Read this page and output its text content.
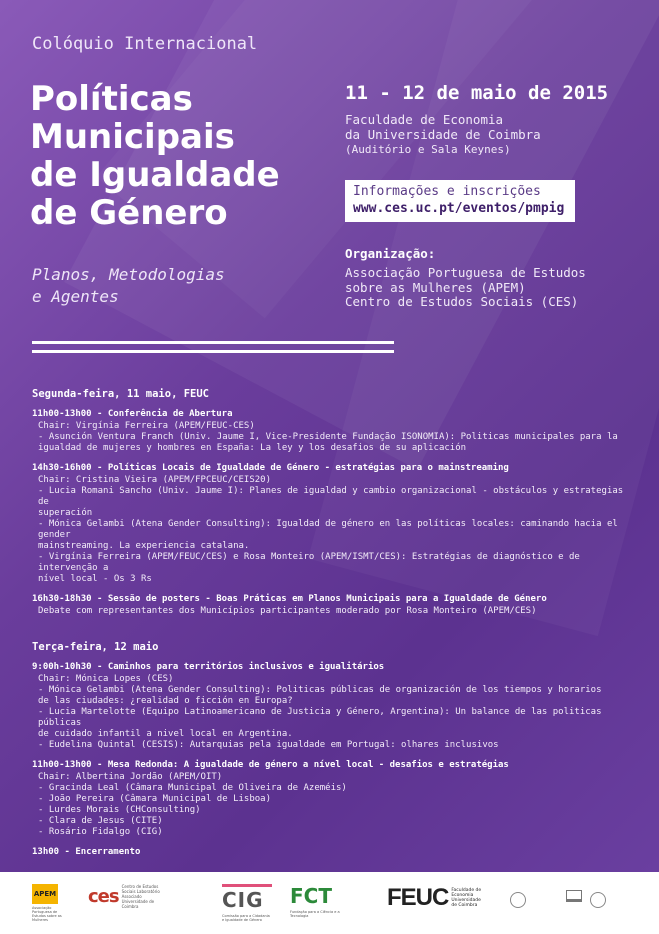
Colóquio Internacional
Políticas
Municipais
de Igualdade
de Género
Planos, Metodologias
e Agentes
11 - 12 de maio de 2015
Faculdade de Economia
da Universidade de Coimbra
(Auditório e Sala Keynes)
Informações e inscrições
www.ces.uc.pt/eventos/pmpig
Organização:
Associação Portuguesa de Estudos
sobre as Mulheres (APEM)
Centro de Estudos Sociais (CES)
Segunda-feira, 11 maio, FEUC
11h00-13h00 - Conferência de Abertura
Chair: Virgínia Ferreira (APEM/FEUC-CES)
- Asunción Ventura Franch (Univ. Jaume I, Vice-Presidente Fundação ISONOMIA): Politicas municipales para la
igualdad de mujeres y hombres en España: La ley y los desafios de su aplicación
14h30-16h00 - Políticas Locais de Igualdade de Género - estratégias para o mainstreaming
Chair: Cristina Vieira (APEM/FPCEUC/CEIS20)
- Lucia Romani Sancho (Univ. Jaume I): Planes de igualdad y cambio organizacional - obstáculos y estrategias de
superación
- Mónica Gelambi (Atena Gender Consulting): Igualdad de género en las políticas locales: caminando hacia el gender
mainstreaming. La experiencia catalana.
- Virgínia Ferreira (APEM/FEUC/CES) e Rosa Monteiro (APEM/ISMT/CES): Estratégias de diagnóstico e de intervenção a
nível local - Os 3 Rs
16h30-18h30 - Sessão de posters - Boas Práticas em Planos Municipais para a Igualdade de Género
Debate com representantes dos Municípios participantes moderado por Rosa Monteiro (APEM/CES)
Terça-feira, 12 maio
9:00h-10h30 - Caminhos para territórios inclusivos e igualitários
Chair: Mónica Lopes (CES)
- Mónica Gelambi (Atena Gender Consulting): Politicas públicas de organización de los tiempos y horarios
de las ciudades: ¿realidad o ficción en Europa?
- Lucia Martelotte (Equipo Latinoamericano de Justicia y Género, Argentina): Un balance de las politicas públicas
de cuidado infantil a nivel local en Argentina.
- Eudelina Quintal (CESIS): Autarquias pela igualdade em Portugal: olhares inclusivos
11h00-13h00 - Mesa Redonda: A igualdade de género a nível local - desafios e estratégias
Chair: Albertina Jordão (APEM/OIT)
- Gracinda Leal (Câmara Municipal de Oliveira de Azeméis)
- João Pereira (Câmara Municipal de Lisboa)
- Lurdes Morais (CHConsulting)
- Clara de Jesus (CITE)
- Rosário Fidalgo (CIG)
13h00 - Encerramento
APEM
Associação Portuguesa de Estudos sobre as Mulheres
ces Centro de Estudos Sociais Laboratório Associado Universidade de Coimbra	CIG
Comissão para a Cidadania e Igualdade de Género
FCT
Fundação para a Ciência e a Tecnologia
FEUC Faculdade de Economia Universidade de Coimbra
